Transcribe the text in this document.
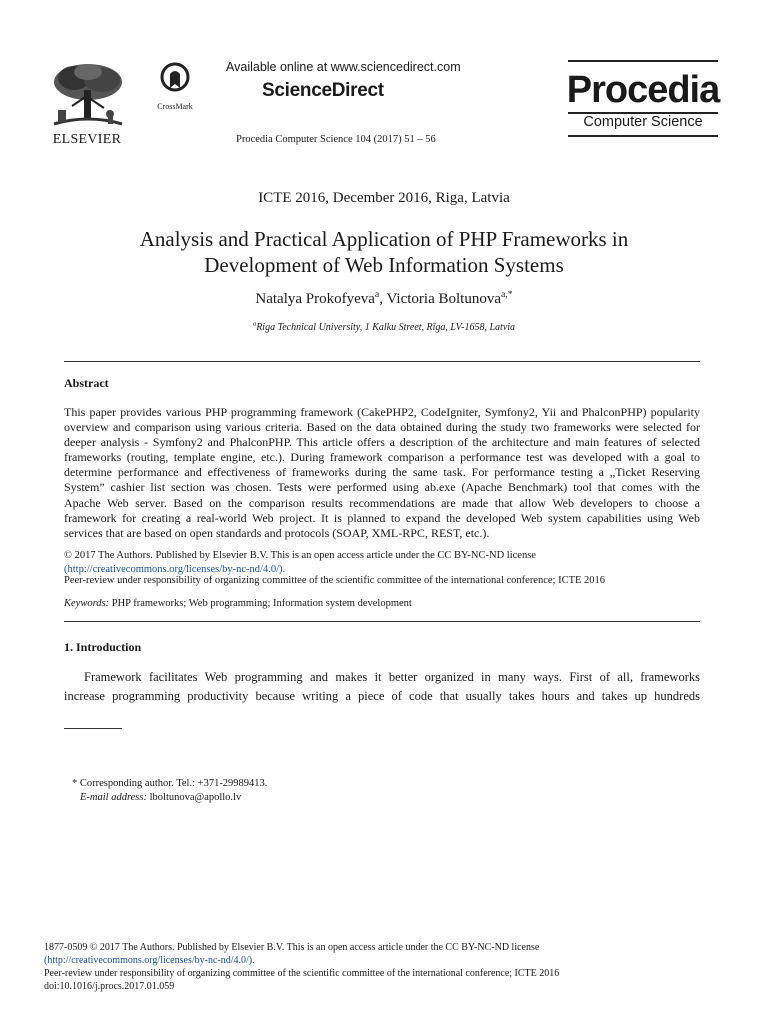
ELSEVIER
CrossMark
Available online at www.sciencedirect.com
ScienceDirect
Procedia Computer Science 104 (2017) 51 – 56
Procedia
Computer Science
ICTE 2016, December 2016, Riga, Latvia
Analysis and Practical Application of PHP Frameworks in
Development of Web Information Systems
Natalya Prokofyeva$^a$, Victoria Boltunova$^{a,*}$
$^a$Riga Technical University, 1 Kalku Street, Rīga, LV-1658, Latvia
Abstract
This paper provides various PHP programming framework (CakePHP2, CodeIgniter, Symfony2, Yii and PhalconPHP) popularity
overview and comparison using various criteria. Based on the data obtained during the study two frameworks were selected for
deeper analysis - Symfony2 and PhalconPHP. This article offers a description of the architecture and main features of selected
frameworks (routing, template engine, etc.). During framework comparison a performance test was developed with a goal to
determine performance and effectiveness of frameworks during the same task. For performance testing a „Ticket Reserving
System” cashier list section was chosen. Tests were performed using ab.exe (Apache Benchmark) tool that comes with the
Apache Web server. Based on the comparison results recommendations are made that allow Web developers to choose a
framework for creating a real-world Web project. It is planned to expand the developed Web system capabilities using Web
services that are based on open standards and protocols (SOAP, XML-RPC, REST, etc.).
© 2017 The Authors. Published by Elsevier B.V. This is an open access article under the CC BY-NC-ND license
(http://creativecommons.org/licenses/by-nc-nd/4.0/).
Peer-review under responsibility of organizing committee of the scientific committee of the international conference; ICTE 2016
Keywords: PHP frameworks; Web programming; Information system development
1. Introduction
Framework facilitates Web programming and makes it better organized in many ways. First of all, frameworks
increase programming productivity because writing a piece of code that usually takes hours and takes up hundreds
* Corresponding author. Tel.: +371-29989413.
E-mail address: lboltunova@apollo.lv
1877-0509 © 2017 The Authors. Published by Elsevier B.V. This is an open access article under the CC BY-NC-ND license
(http://creativecommons.org/licenses/by-nc-nd/4.0/).
Peer-review under responsibility of organizing committee of the scientific committee of the international conference; ICTE 2016
doi:10.1016/j.procs.2017.01.059
